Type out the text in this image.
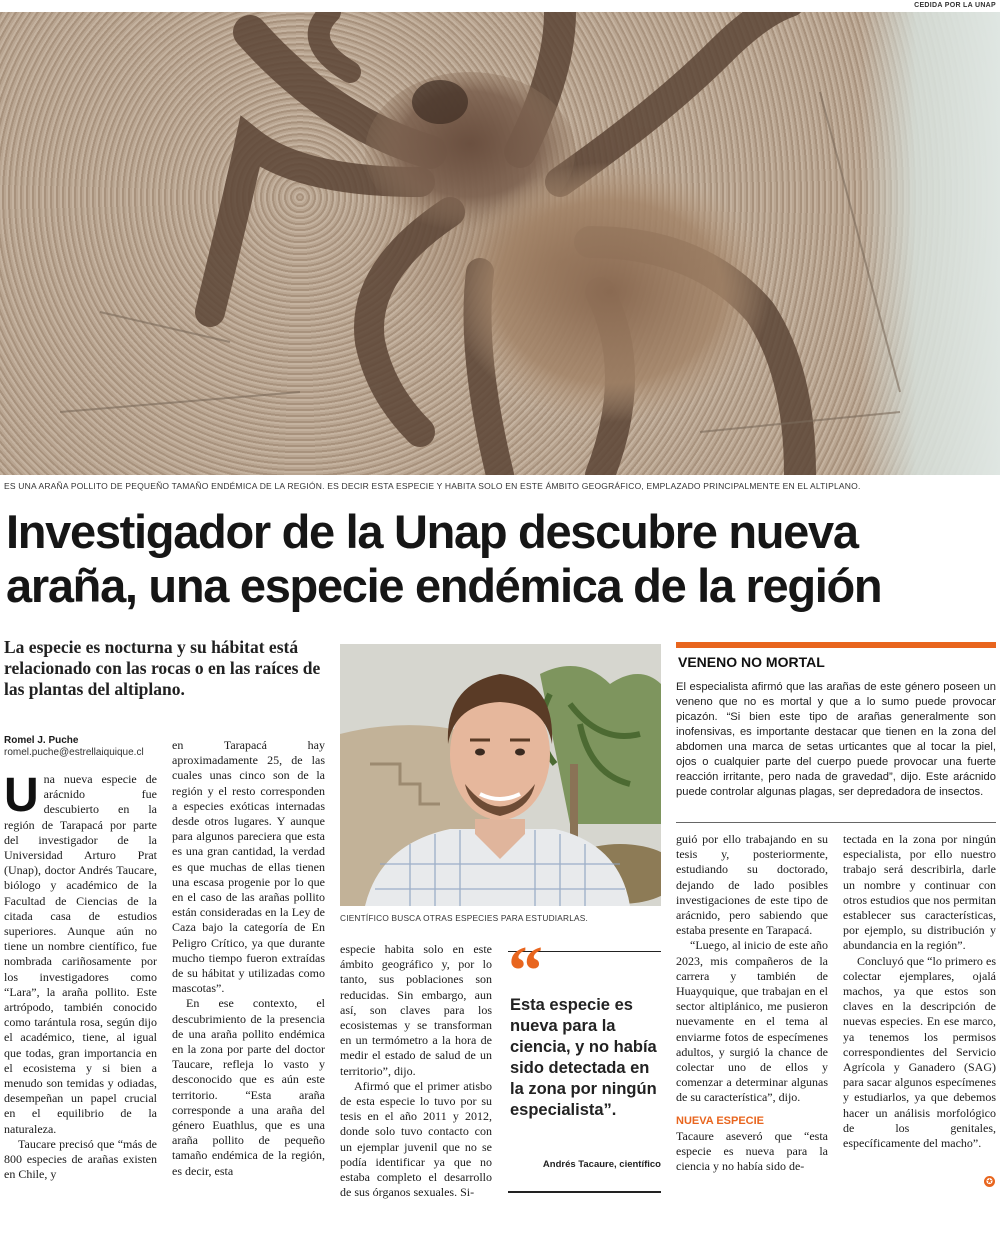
CEDIDA POR LA UNAP
ES UNA ARAÑA POLLITO DE PEQUEÑO TAMAÑO ENDÉMICA DE LA REGIÓN. ES DECIR ESTA ESPECIE Y HABITA SOLO EN ESTE ÁMBITO GEOGRÁFICO, EMPLAZADO PRINCIPALMENTE EN EL ALTIPLANO.
Investigador de la Unap descubre nueva araña, una especie endémica de la región
La especie es nocturna y su hábitat está relacionado con las rocas o en las raíces de las plantas del altiplano.
Romel J. Puche
romel.puche@estrellaiquique.cl
U na nueva especie de arácnido fue descubierto en la región de Tarapacá por parte del investigador de la Universidad Arturo Prat (Unap), doctor Andrés Taucare, biólogo y académico de la Facultad de Ciencias de la citada casa de estudios superiores. Aunque aún no tiene un nombre científico, fue nombrada cariñosamente por los investigadores como “Lara”, la araña pollito. Este artrópodo, también conocido como tarántula rosa, según dijo el académico, tiene, al igual que todas, gran importancia en el ecosistema y si bien a menudo son temidas y odiadas, desempeñan un papel crucial en el equilibrio de la naturaleza.

Taucare precisó que “más de 800 especies de arañas existen en Chile, y

en Tarapacá hay aproximadamente 25, de las cuales unas cinco son de la región y el resto corresponden a especies exóticas internadas desde otros lugares. Y aunque para algunos pareciera que esta es una gran cantidad, la verdad es que muchas de ellas tienen una escasa progenie por lo que en el caso de las arañas pollito están consideradas en la Ley de Caza bajo la categoría de En Peligro Crítico, ya que durante mucho tiempo fueron extraídas de su hábitat y utilizadas como mascotas”.

En ese contexto, el descubrimiento de la presencia de una araña pollito endémica en la zona por parte del doctor Taucare, refleja lo vasto y desconocido que es aún este territorio. “Esta araña corresponde a una araña del género Euathlus, que es una araña pollito de pequeño tamaño endémica de la región, es decir, esta

CIENTÍFICO BUSCA OTRAS ESPECIES PARA ESTUDIARLAS.

especie habita solo en este ámbito geográfico y, por lo tanto, sus poblaciones son reducidas. Sin embargo, aun así, son claves para los ecosistemas y se transforman en un termómetro a la hora de medir el estado de salud de un territorio”, dijo.

Afirmó que el primer atisbo de esta especie lo tuvo por su tesis en el año 2011 y 2012, donde solo tuvo contacto con un ejemplar juvenil que no se podía identificar ya que no estaba completo el desarrollo de sus órganos sexuales. Si-

“
Esta especie es nueva para la ciencia, y no había sido detectada en la zona por ningún especialista”.
Andrés Tacaure, científico
VENENO NO MORTAL
El especialista afirmó que las arañas de este género poseen un veneno que no es mortal y que a lo sumo puede provocar picazón. “Si bien este tipo de arañas generalmente son inofensivas, es importante destacar que tienen en la zona del abdomen una marca de setas urticantes que al tocar la piel, ojos o cualquier parte del cuerpo puede provocar una fuerte reacción irritante, pero nada de gravedad”, dijo. Este arácnido puede controlar algunas plagas, ser depredadora de insectos.

guió por ello trabajando en su tesis y, posteriormente, estudiando su doctorado, dejando de lado posibles investigaciones de este tipo de arácnido, pero sabiendo que estaba presente en Tarapacá.

“Luego, al inicio de este año 2023, mis compañeros de la carrera y también de Huayquique, que trabajan en el sector altiplánico, me pusieron nuevamente en el tema al enviarme fotos de especímenes adultos, y surgió la chance de colectar uno de ellos y comenzar a determinar algunas de su característica”, dijo.

NUEVA ESPECIE

Tacaure aseveró que “esta especie es nueva para la ciencia y no había sido de-

tectada en la zona por ningún especialista, por ello nuestro trabajo será describirla, darle un nombre y continuar con otros estudios que nos permitan establecer sus características, por ejemplo, su distribución y abundancia en la región”.

Concluyó que “lo primero es colectar ejemplares, ojalá machos, ya que estos son claves en la descripción de nuevas especies. En ese marco, ya tenemos los permisos correspondientes del Servicio Agrícola y Ganadero (SAG) para sacar algunos especímenes y estudiarlos, ya que debemos hacer un análisis morfológico de los genitales, específicamente del macho”.

✪
